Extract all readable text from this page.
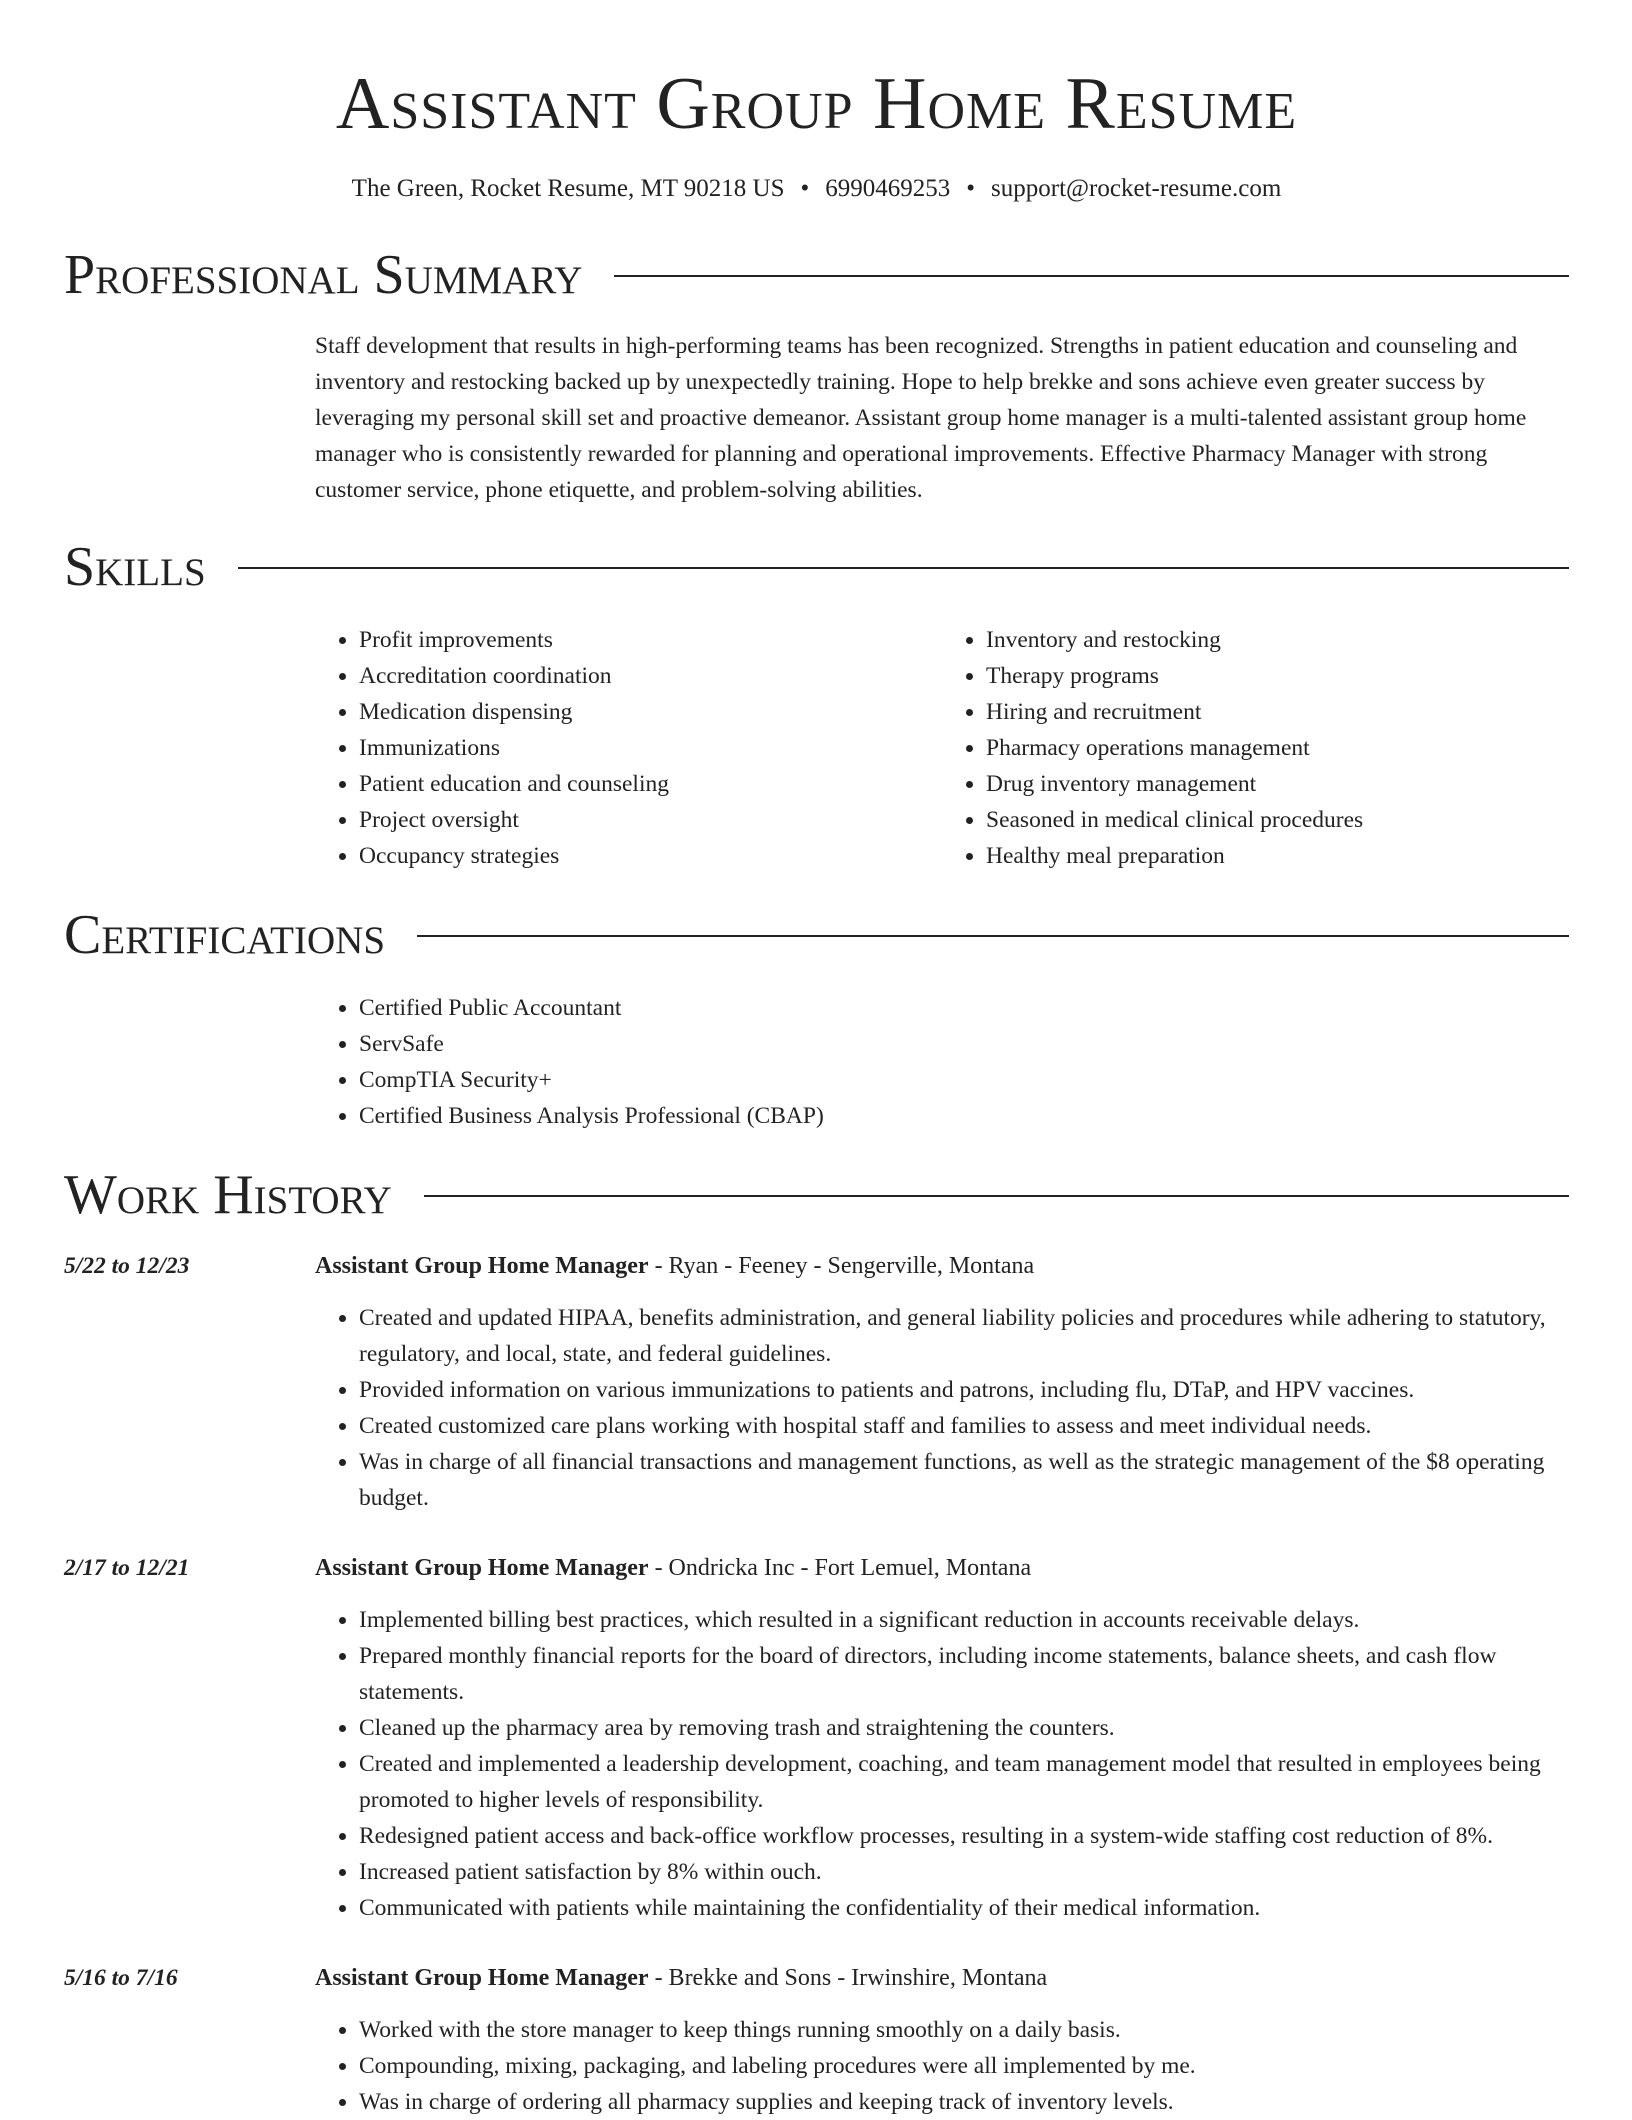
Assistant Group Home Resume
The Green, Rocket Resume, MT 90218 US • 6990469253 • support@rocket-resume.com
Professional Summary

Staff development that results in high-performing teams has been recognized. Strengths in patient education and counseling and inventory and restocking backed up by unexpectedly training. Hope to help brekke and sons achieve even greater success by leveraging my personal skill set and proactive demeanor. Assistant group home manager is a multi-talented assistant group home manager who is consistently rewarded for planning and operational improvements. Effective Pharmacy Manager with strong customer service, phone etiquette, and problem-solving abilities.

Skills
• Profit improvements
• Accreditation coordination
• Medication dispensing
• Immunizations
• Patient education and counseling
• Project oversight
• Occupancy strategies
• Inventory and restocking
• Therapy programs
• Hiring and recruitment
• Pharmacy operations management
• Drug inventory management
• Seasoned in medical clinical procedures
• Healthy meal preparation
Certifications
• Certified Public Accountant
• ServSafe
• CompTIA Security+
• Certified Business Analysis Professional (CBAP)
Work History
5/22 to 12/23	Assistant Group Home Manager - Ryan - Feeney - Sengerville, Montana
• Created and updated HIPAA, benefits administration, and general liability policies and procedures while adhering to statutory, regulatory, and local, state, and federal guidelines.
• Provided information on various immunizations to patients and patrons, including flu, DTaP, and HPV vaccines.
• Created customized care plans working with hospital staff and families to assess and meet individual needs.
• Was in charge of all financial transactions and management functions, as well as the strategic management of the $8 operating budget.
2/17 to 12/21	Assistant Group Home Manager - Ondricka Inc - Fort Lemuel, Montana
• Implemented billing best practices, which resulted in a significant reduction in accounts receivable delays.
• Prepared monthly financial reports for the board of directors, including income statements, balance sheets, and cash flow statements.
• Cleaned up the pharmacy area by removing trash and straightening the counters.
• Created and implemented a leadership development, coaching, and team management model that resulted in employees being promoted to higher levels of responsibility.
• Redesigned patient access and back-office workflow processes, resulting in a system-wide staffing cost reduction of 8%.
• Increased patient satisfaction by 8% within ouch.
• Communicated with patients while maintaining the confidentiality of their medical information.
5/16 to 7/16	Assistant Group Home Manager - Brekke and Sons - Irwinshire, Montana
• Worked with the store manager to keep things running smoothly on a daily basis.
• Compounding, mixing, packaging, and labeling procedures were all implemented by me.
• Was in charge of ordering all pharmacy supplies and keeping track of inventory levels.
